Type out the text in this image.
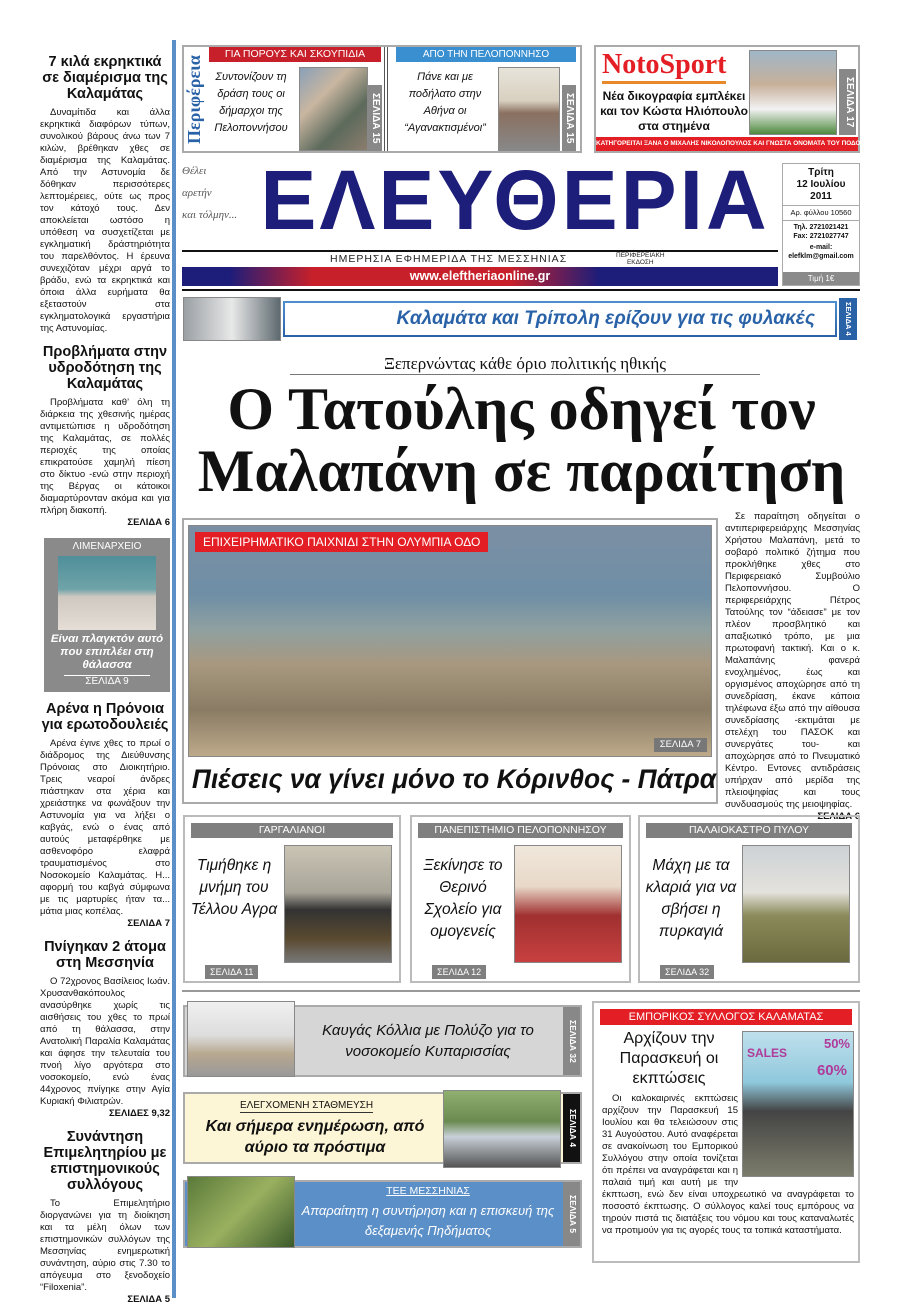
7 κιλά εκρηκτικά σε διαμέρισμα της Καλαμάτας

Δυναμίτιδα και άλλα εκρηκτικά διαφόρων τύπων, συνολικού βάρους άνω των 7 κιλών, βρέθηκαν χθες σε διαμέρισμα της Καλαμάτας. Από την Αστυνομία δε δόθηκαν περισσότερες λεπτομέρειες, ούτε ως προς τον κάτοχό τους. Δεν αποκλείεται ωστόσο η υπόθεση να συσχετίζεται με εγκληματική δράστηριότητα του παρελθόντος. Η έρευνα συνεχιζόταν μέχρι αργά το βράδυ, ενώ τα εκρηκτικά και όποια άλλα ευρήματα θα εξεταστούν στα εγκληματολογικά εργαστήρια της Αστυνομίας.

Προβλήματα στην υδροδότηση της Καλαμάτας

Προβλήματα καθ’ όλη τη διάρκεια της χθεσινής ημέρας αντιμετώπισε η υδροδότηση της Καλαμάτας, σε πολλές περιοχές της οποίας επικρατούσε χαμηλή πίεση στο δίκτυο -ενώ στην περιοχή της Βέργας οι κάτοικοι διαμαρτύρονταν ακόμα και για πλήρη διακοπή.

ΣΕΛΙΔΑ 6
ΛΙΜΕΝΑΡΧΕΙΟ
Είναι πλαγκτόν αυτό που επιπλέει στη θάλασσα
ΣΕΛΙΔΑ 9
Αρένα η Πρόνοια για ερωτοδουλειές

Αρένα έγινε χθες το πρωί ο διάδρομος της Διεύθυνσης Πρόνοιας στο Διοικητήριο. Τρεις νεαροί άνδρες πιάστηκαν στα χέρια και χρειάστηκε να φωνάξουν την Αστυνομία για να λήξει ο καβγάς, ενώ ο ένας από αυτούς μεταφέρθηκε με ασθενοφόρο ελαφρά τραυματισμένος στο Νοσοκομείο Καλαμάτας. Η... αφορμή του καβγά σύμφωνα με τις μαρτυρίες ήταν τα... μάτια μιας κοπέλας.

ΣΕΛΙΔΑ 7
Πνίγηκαν 2 άτομα στη Μεσσηνία

Ο 72χρονος Βασίλειος Ιωάν. Χρυσανθακόπουλος ανασύρθηκε χωρίς τις αισθήσεις του χθες το πρωί από τη θάλασσα, στην Ανατολική Παραλία Καλαμάτας και άφησε την τελευταία του πνοή λίγο αργότερα στο νοσοκομείο, ενώ ένας 44χρονος πνίγηκε στην Αγία Κυριακή Φιλιατρών.

ΣΕΛΙΔΕΣ 9,32
Συνάντηση Επιμελητηρίου με επιστημονικούς συλλόγους

Το Επιμελητήριο διοργανώνει για τη διοίκηση και τα μέλη όλων των επιστημονικών συλλόγων της Μεσσηνίας ενημερωτική συνάντηση, αύριο στις 7.30 το απόγευμα στο ξενοδοχείο “Filoxenia”.

ΣΕΛΙΔΑ 5
Περιφέρεια
ΓΙΑ ΠΟΡΟΥΣ ΚΑΙ ΣΚΟΥΠΙΔΙΑ
Συντονίζουν τη δράση τους οι δήμαρχοι της Πελοποννήσου	ΣΕΛΙΔΑ 15
ΑΠΟ ΤΗΝ ΠΕΛΟΠΟΝΝΗΣΟ
Πάνε και με ποδήλατο στην Αθήνα οι “Αγανακτισμένοι”	ΣΕΛΙΔΑ 15
NotoSport
Νέα δικογραφία εμπλέκει και τον Κώστα Ηλιόπουλο στα στημένα	ΣΕΛΙΔΑ 17
ΚΑΤΗΓΟΡΕΙΤΑΙ ΞΑΝΑ Ο ΜΙΧΑΛΗΣ ΝΙΚΟΛΟΠΟΥΛΟΣ ΚΑΙ ΓΝΩΣΤΑ ΟΝΟΜΑΤΑ ΤΟΥ ΠΟΔΟΣΦΑΙΡΟΥ
Θέλει
αρετήν
και τόλμην... ΕΛΕΥΘΕΡΙΑ
ΗΜΕΡΗΣΙΑ ΕΦΗΜΕΡΙΔΑ ΤΗΣ ΜΕΣΣΗΝΙΑΣ	ΠΕΡΙΦΕΡΕΙΑΚΗ
ΕΚΔΟΣΗ
www.eleftheriaonline.gr
Τρίτη
12 Ιουλίου
2011
Αρ. φύλλου 10560
Τηλ. 2721021421
Fax: 2721027747
e-mail:
elefklm@gmail.com
Τιμή 1€
Καλαμάτα και Τρίπολη ερίζουν για τις φυλακές	ΣΕΛΙΔΑ 4
Ξεπερνώντας κάθε όριο πολιτικής ηθικής
Ο Τατούλης οδηγεί τον
Μαλαπάνη σε παραίτηση

Σε παραίτηση οδηγείται ο αντιπεριφερειάρχης Μεσσηνίας Χρήστου Μαλαπάνη, μετά το σοβαρό πολιτικό ζήτημα που προκλήθηκε χθες στο Περιφερειακό Συμβούλιο Πελοποννήσου. Ο περιφερειάρχης Πέτρος Τατούλης τον “άδειασε” με τον πλέον προσβλητικό και απαξιωτικό τρόπο, με μια πρωτοφανή τακτική. Και ο κ. Μαλαπάνης φανερά ενοχλημένος, έως και οργισμένος αποχώρησε από τη συνεδρίαση, έκανε κάποια τηλέφωνα έξω από την αίθουσα συνεδρίασης -εκτιμάται με στελέχη του ΠΑΣΟΚ και συνεργάτες του- και αποχώρησε από το Πνευματικό Κέντρο. Εντονες αντιδράσεις υπήρχαν από μερίδα της πλειοψηφίας και τους συνδυασμούς της μειοψηφίας.

ΣΕΛΙΔΑ 6
ΕΠΙΧΕΙΡΗΜΑΤΙΚΟ ΠΑΙΧΝΙΔΙ ΣΤΗΝ ΟΛΥΜΠΙΑ ΟΔΟ
ΣΕΛΙΔΑ 7
Πιέσεις να γίνει μόνο το Κόρινθος - Πάτρα
ΓΑΡΓΑΛΙΑΝΟΙ
Τιμήθηκε η μνήμη του Τέλλου Αγρα
ΣΕΛΙΔΑ 11
ΠΑΝΕΠΙΣΤΗΜΙΟ ΠΕΛΟΠΟΝΝΗΣΟΥ
Ξεκίνησε το Θερινό Σχολείο για ομογενείς
ΣΕΛΙΔΑ 12
ΠΑΛΑΙΟΚΑΣΤΡΟ ΠΥΛΟΥ
Μάχη με τα κλαριά για να σβήσει η πυρκαγιά
ΣΕΛΙΔΑ 32
Καυγάς Κόλλια με Πολύζο για το νοσοκομείο Κυπαρισσίας	ΣΕΛΙΔΑ 32
ΕΛΕΓΧΟΜΕΝΗ ΣΤΑΘΜΕΥΣΗ
Και σήμερα ενημέρωση, από αύριο τα πρόστιμα
ΣΕΛΙΔΑ 4
ΤΕΕ ΜΕΣΣΗΝΙΑΣ
Απαραίτητη η συντήρηση και η επισκευή της δεξαμενής Πηδήματος	ΣΕΛΙΔΑ 5
ΕΜΠΟΡΙΚΟΣ ΣΥΛΛΟΓΟΣ ΚΑΛΑΜΑΤΑΣ
Αρχίζουν την Παρασκευή οι εκπτώσεις
SALES
50%
60%

Οι καλοκαιρινές εκπτώσεις αρχίζουν την Παρασκευή 15 Ιουλίου και θα τελειώσουν στις 31 Αυγούστου. Αυτό αναφέρεται σε ανακοίνωση του Εμπορικού Συλλόγου στην οποία τονίζεται ότι πρέπει να αναγράφεται και η παλαιά τιμή και αυτή με την έκπτωση, ενώ δεν είναι υποχρεωτικό να αναγράφεται το ποσοστό έκπτωσης. Ο σύλλογος καλεί τους εμπόρους να τηρούν πιστά τις διατάξεις του νόμου και τους καταναλωτές να προτιμούν για τις αγορές τους τα τοπικά καταστήματα.
